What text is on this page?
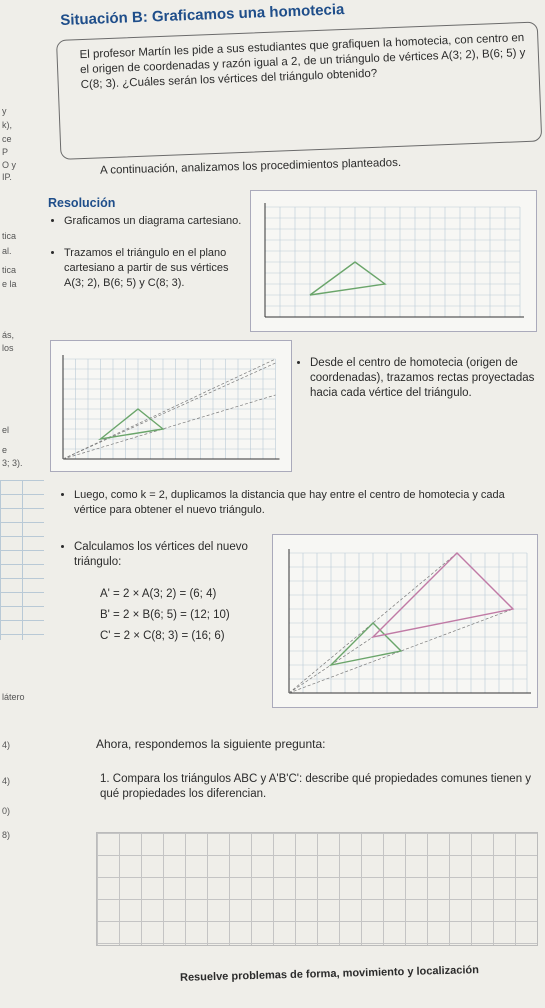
y
k),
ce
P
O y
IP.
tica
al.
tica
e la
ás,
los
el
e
3; 3).
látero
4)
4)
0)
8)
Situación B: Graficamos una homotecia

El profesor Martín les pide a sus estudiantes que grafiquen la homotecia, con centro en el origen de coordenadas y razón igual a 2, de un triángulo de vértices A(3; 2), B(6; 5) y C(8; 3). ¿Cuáles serán los vértices del triángulo obtenido?

A continuación, analizamos los procedimientos planteados.
Resolución
• Graficamos un diagrama cartesiano.
• Trazamos el triángulo en el plano cartesiano a partir de sus vértices A(3; 2), B(6; 5) y C(8; 3).
• Desde el centro de homotecia (origen de coordenadas), trazamos rectas proyectadas hacia cada vértice del triángulo.
• Luego, como k = 2, duplicamos la distancia que hay entre el centro de homotecia y cada vértice para obtener el nuevo triángulo.
• Calculamos los vértices del nuevo triángulo:
A' = 2 × A(3; 2) = (6; 4)
B' = 2 × B(6; 5) = (12; 10)
C' = 2 × C(8; 3) = (16; 6)
Ahora, respondemos la siguiente pregunta:
1. Compara los triángulos ABC y A'B'C': describe qué propiedades comunes tienen y qué propiedades los diferencian.
Resuelve problemas de forma, movimiento y localización
